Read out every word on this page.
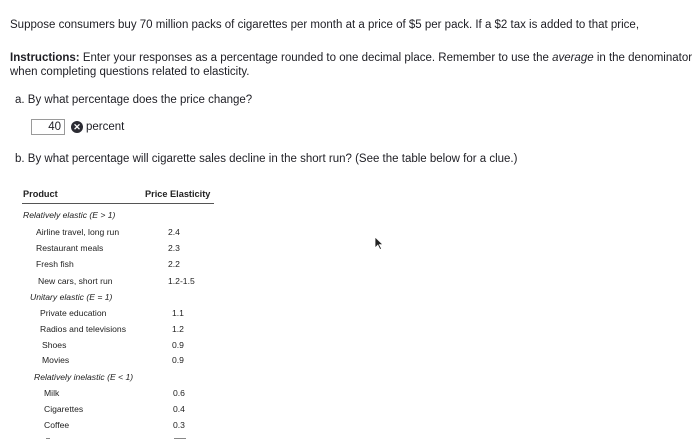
Suppose consumers buy 70 million packs of cigarettes per month at a price of $5 per pack. If a $2 tax is added to that price,
Instructions: Enter your responses as a percentage rounded to one decimal place. Remember to use the average in the denominator
when completing questions related to elasticity.
a. By what percentage does the price change?
40	✕ percent
b. By what percentage will cigarette sales decline in the short run? (See the table below for a clue.)
Product	Price Elasticity
Relatively elastic (E > 1)
Airline travel, long run	2.4
Restaurant meals	2.3
Fresh fish	2.2
New cars, short run	1.2-1.5
Unitary elastic (E = 1)
Private education	1.1
Radios and televisions	1.2
Shoes	0.9
Movies	0.9
Relatively inelastic (E < 1)
Milk	0.6
Cigarettes	0.4
Coffee	0.3
